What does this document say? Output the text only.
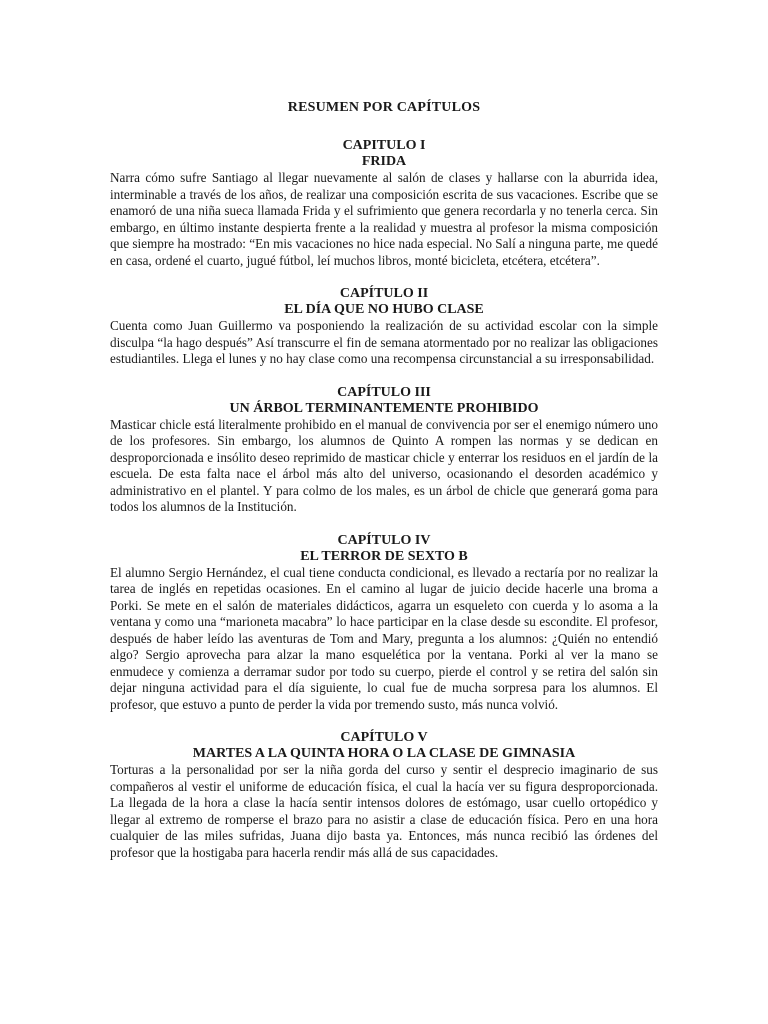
RESUMEN POR CAPÍTULOS
CAPITULO I
FRIDA

Narra cómo sufre Santiago al llegar nuevamente al salón de clases y hallarse con la aburrida idea, interminable a través de los años, de realizar una composición escrita de sus vacaciones. Escribe que se enamoró de una niña sueca llamada Frida y el sufrimiento que genera recordarla y no tenerla cerca. Sin embargo, en último instante despierta frente a la realidad y muestra al profesor la misma composición que siempre ha mostrado: “En mis vacaciones no hice nada especial. No Salí a ninguna parte, me quedé en casa, ordené el cuarto, jugué fútbol, leí muchos libros, monté bicicleta, etcétera, etcétera”.

CAPÍTULO II
EL DÍA QUE NO HUBO CLASE

Cuenta como Juan Guillermo va posponiendo la realización de su actividad escolar con la simple disculpa “la hago después” Así transcurre el fin de semana atormentado por no realizar las obligaciones estudiantiles. Llega el lunes y no hay clase como una recompensa circunstancial a su irresponsabilidad.

CAPÍTULO III
UN ÁRBOL TERMINANTEMENTE PROHIBIDO

Masticar chicle está literalmente prohibido en el manual de convivencia por ser el enemigo número uno de los profesores. Sin embargo, los alumnos de Quinto A rompen las normas y se dedican en desproporcionada e insólito deseo reprimido de masticar chicle y enterrar los residuos en el jardín de la escuela. De esta falta nace el árbol más alto del universo, ocasionando el desorden académico y administrativo en el plantel. Y para colmo de los males, es un árbol de chicle que generará goma para todos los alumnos de la Institución.

CAPÍTULO IV
EL TERROR DE SEXTO B

El alumno Sergio Hernández, el cual tiene conducta condicional, es llevado a rectaría por no realizar la tarea de inglés en repetidas ocasiones. En el camino al lugar de juicio decide hacerle una broma a Porki. Se mete en el salón de materiales didácticos, agarra un esqueleto con cuerda y lo asoma a la ventana y como una “marioneta macabra” lo hace participar en la clase desde su escondite. El profesor, después de haber leído las aventuras de Tom and Mary, pregunta a los alumnos: ¿Quién no entendió algo? Sergio aprovecha para alzar la mano esquelética por la ventana. Porki al ver la mano se enmudece y comienza a derramar sudor por todo su cuerpo, pierde el control y se retira del salón sin dejar ninguna actividad para el día siguiente, lo cual fue de mucha sorpresa para los alumnos. El profesor, que estuvo a punto de perder la vida por tremendo susto, más nunca volvió.

CAPÍTULO V
MARTES A LA QUINTA HORA O LA CLASE DE GIMNASIA

Torturas a la personalidad por ser la niña gorda del curso y sentir el desprecio imaginario de sus compañeros al vestir el uniforme de educación física, el cual la hacía ver su figura desproporcionada. La llegada de la hora a clase la hacía sentir intensos dolores de estómago, usar cuello ortopédico y llegar al extremo de romperse el brazo para no asistir a clase de educación física. Pero en una hora cualquier de las miles sufridas, Juana dijo basta ya. Entonces, más nunca recibió las órdenes del profesor que la hostigaba para hacerla rendir más allá de sus capacidades.
